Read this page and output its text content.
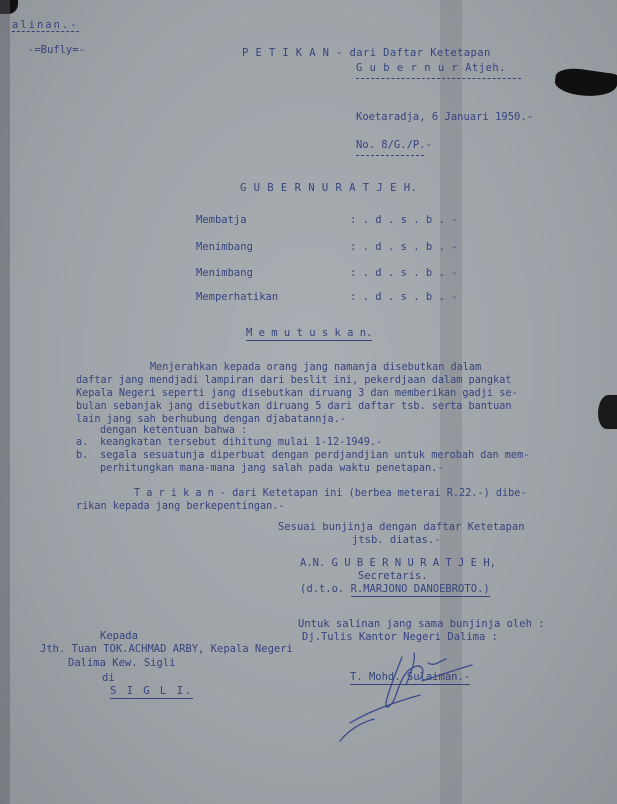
alinan.-
-=Bufly=-	P E T I K A N - dari Daftar Ketetapan
G u b e r n u r Atjeh.
Koetaradja, 6 Januari 1950.-
No. 8/G./P.-
G U B E R N U R A T J E H.
Membatja	: . d . s . b . -
Menimbang	: . d . s . b . -
Menimbang	: . d . s . b . -
Memperhatikan	: . d . s . b . -
M e m u t u s k a n.
Menjerahkan kepada orang jang namanja disebutkan dalam
daftar jang mendjadi lampiran dari beslit ini, pekerdjaan dalam pangkat
Kepala Negeri seperti jang disebutkan diruang 3 dan memberikan gadji se-
bulan sebanjak jang disebutkan diruang 5 dari daftar tsb. serta bantuan
lain jang sah berhubung dengan djabatannja.-
dengan ketentuan bahwa :
a. keangkatan tersebut dihitung mulai 1-12-1949.-
b. segala sesuatunja diperbuat dengan perdjandjian untuk merobah dan mem-
perhitungkan mana-mana jang salah pada waktu penetapan.-
T a r i k a n - dari Ketetapan ini (berbea meterai R.22.-) dibe-
rikan kepada jang berkepentingan.-
Sesuai bunjinja dengan daftar Ketetapan
jtsb. diatas.-
A.N. G U B E R N U R A T J E H,
Secretaris.
(d.t.o. R.MARJONO DANOEBROTO.)
Untuk salinan jang sama bunjinja oleh :
Dj.Tulis Kantor Negeri Dalima :
Kepada
Jth. Tuan TOK.ACHMAD ARBY, Kepala Negeri
Dalima Kew. Sigli
di
S I G L I.
T. Mohd. Sulaiman.-
